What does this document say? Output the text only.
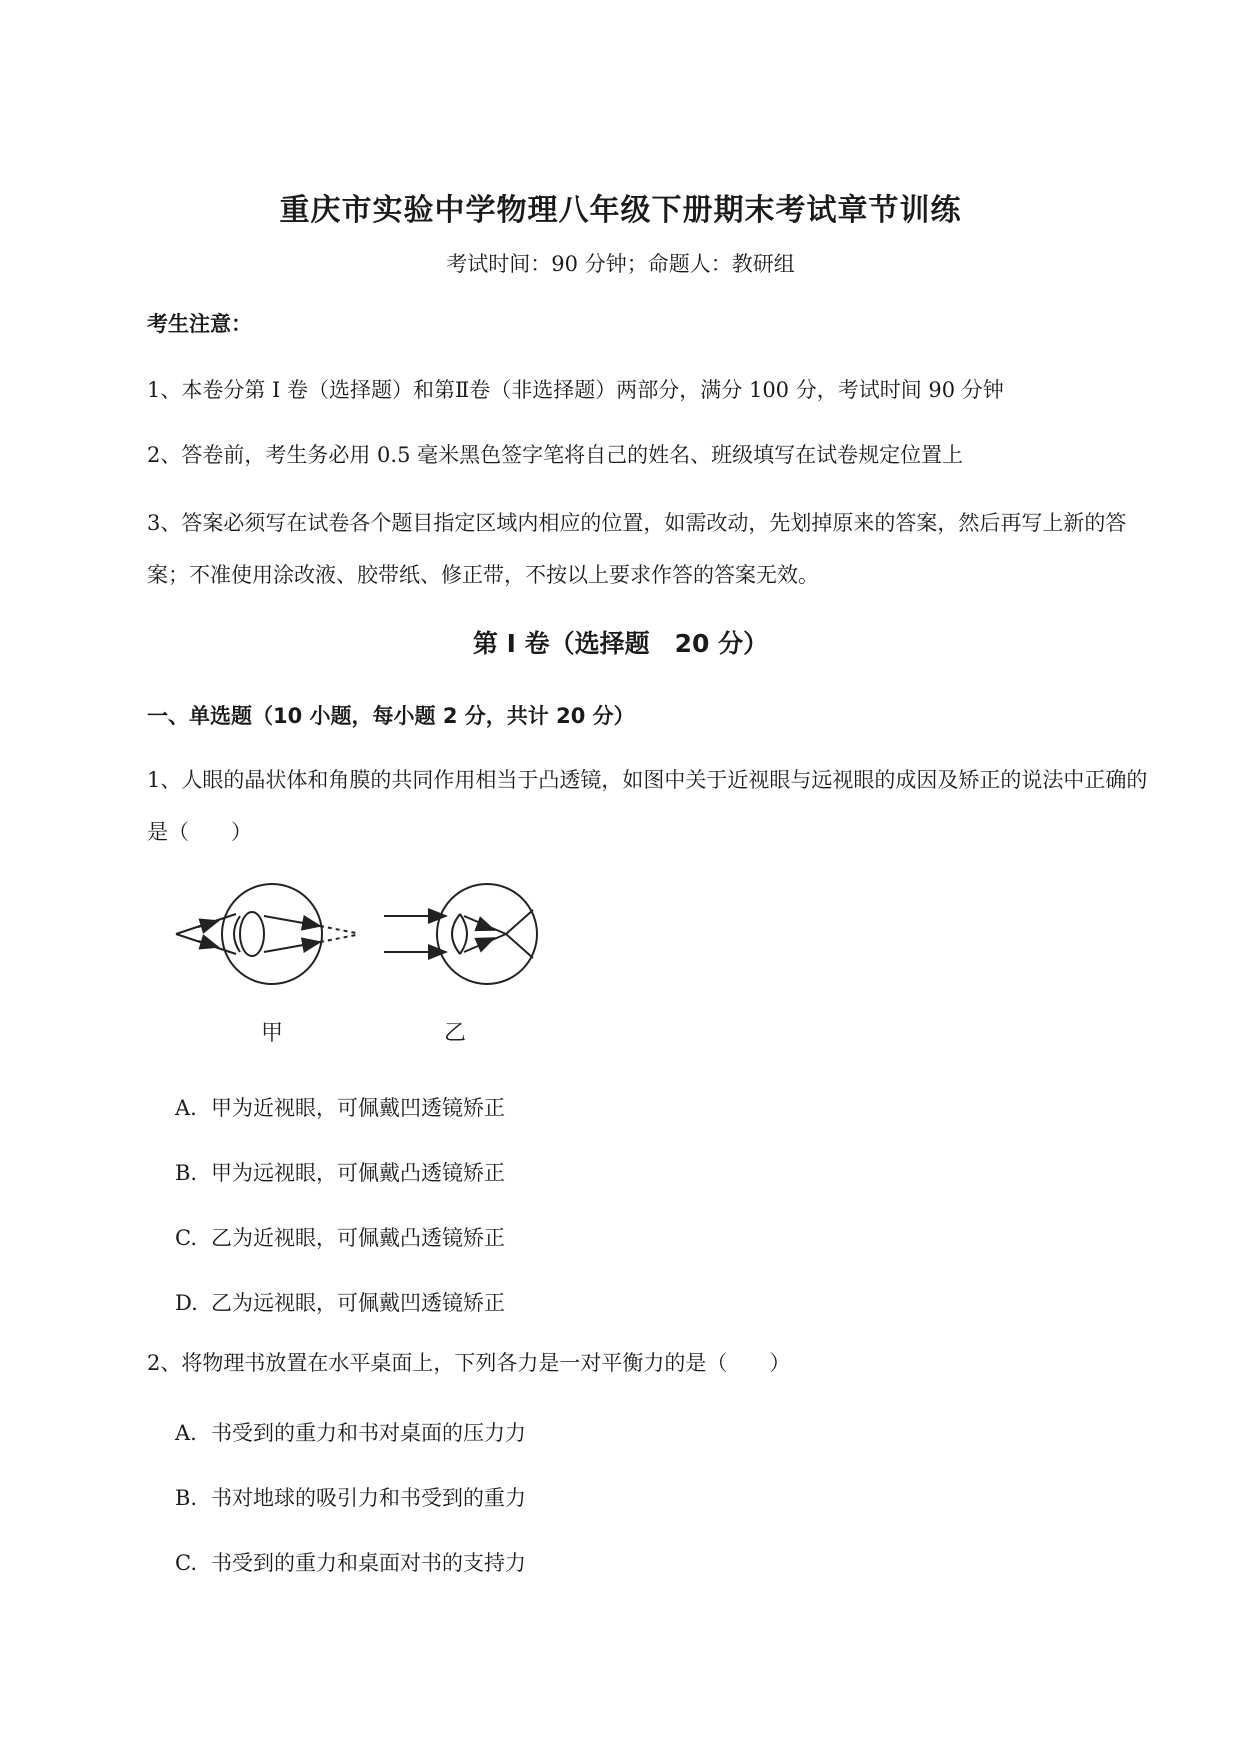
重庆市实验中学物理八年级下册期末考试章节训练
考试时间：90 分钟；命题人：教研组
考生注意：
1、本卷分第 I 卷（选择题）和第Ⅱ卷（非选择题）两部分，满分 100 分，考试时间 90 分钟
2、答卷前，考生务必用 0.5 毫米黑色签字笔将自己的姓名、班级填写在试卷规定位置上
3、答案必须写在试卷各个题目指定区域内相应的位置，如需改动，先划掉原来的答案，然后再写上新的答案；不准使用涂改液、胶带纸、修正带，不按以上要求作答的答案无效。
第 I 卷（选择题　20 分）
一、单选题（10 小题，每小题 2 分，共计 20 分）
1、人眼的晶状体和角膜的共同作用相当于凸透镜，如图中关于近视眼与远视眼的成因及矫正的说法中正确的是（　　）
甲	乙
A. 甲为近视眼，可佩戴凹透镜矫正
B. 甲为远视眼，可佩戴凸透镜矫正
C. 乙为近视眼，可佩戴凸透镜矫正
D. 乙为远视眼，可佩戴凹透镜矫正
2、将物理书放置在水平桌面上，下列各力是一对平衡力的是（　　）
A. 书受到的重力和书对桌面的压力力
B. 书对地球的吸引力和书受到的重力
C. 书受到的重力和桌面对书的支持力
